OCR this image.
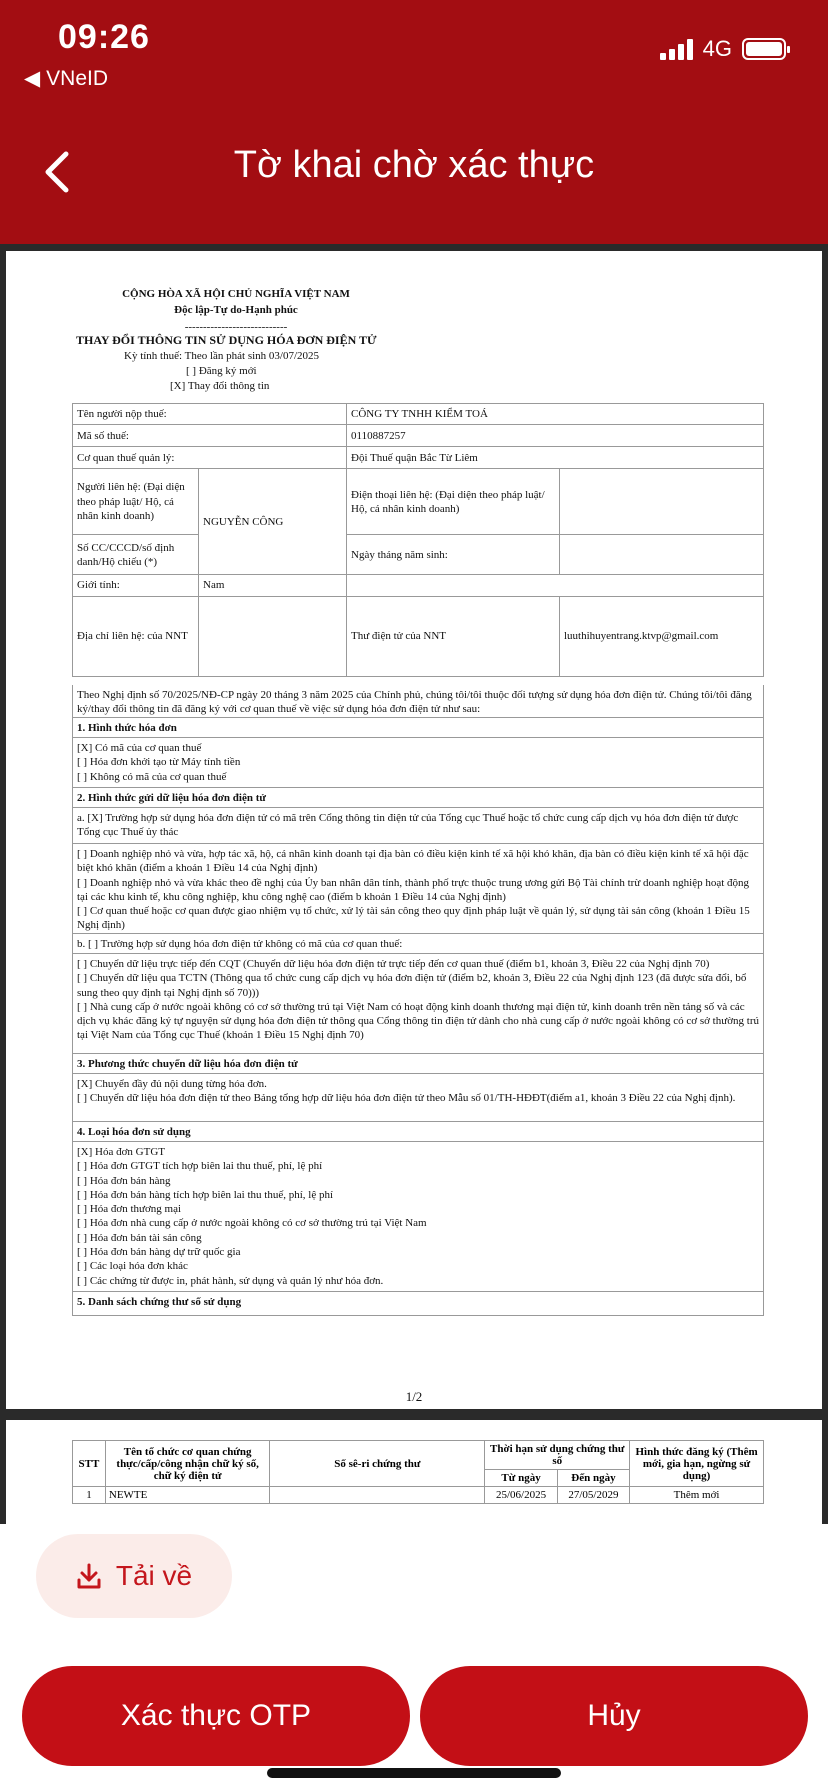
09:26
◀ VNeID
4G
Tờ khai chờ xác thực
CỘNG HÒA XÃ HỘI CHỦ NGHĨA VIỆT NAM
Độc lập-Tự do-Hạnh phúc
----------------------------
THAY ĐỔI THÔNG TIN SỬ DỤNG HÓA ĐƠN ĐIỆN TỬ
Kỳ tính thuế: Theo lần phát sinh 03/07/2025
[ ] Đăng ký mới
[X] Thay đổi thông tin
Tên người nộp thuế:		CÔNG TY TNHH KIỂM TOÁ	
Mã số thuế:		0110887257	
Cơ quan thuế quản lý:		Đội Thuế quận Bắc Từ Liêm	
Người liên hệ: (Đại diện theo pháp luật/ Hộ, cá nhân kinh doanh)	NGUYỄN CÔNG	Điện thoại liên hệ: (Đại diện theo pháp luật/ Hộ, cá nhân kinh doanh)	
Số CC/CCCD/số định danh/Hộ chiếu (*)		Ngày tháng năm sinh:	
Giới tính:	Nam		
Địa chỉ liên hệ: của NNT		Thư điện tử của NNT	luuthihuyentrang.ktvp@gmail.com
Theo Nghị định số 70/2025/NĐ-CP ngày 20 tháng 3 năm 2025 của Chính phủ, chúng tôi/tôi thuộc đối tượng sử dụng hóa đơn điện tử. Chúng tôi/tôi đăng ký/thay đổi thông tin đã đăng ký với cơ quan thuế về việc sử dụng hóa đơn điện tử như sau:
1. Hình thức hóa đơn
[X] Có mã của cơ quan thuế
[ ] Hóa đơn khởi tạo từ Máy tính tiền
[ ] Không có mã của cơ quan thuế
2. Hình thức gửi dữ liệu hóa đơn điện tử
a. [X] Trường hợp sử dụng hóa đơn điện tử có mã trên Cổng thông tin điện tử của Tổng cục Thuế hoặc tổ chức cung cấp dịch vụ hóa đơn điện tử được Tổng cục Thuế ủy thác
[ ] Doanh nghiệp nhỏ và vừa, hợp tác xã, hộ, cá nhân kinh doanh tại địa bàn có điều kiện kinh tế xã hội khó khăn, địa bàn có điều kiện kinh tế xã hội đặc biệt khó khăn (điểm a khoản 1 Điều 14 của Nghị định)
[ ] Doanh nghiệp nhỏ và vừa khác theo đề nghị của Ủy ban nhân dân tỉnh, thành phố trực thuộc trung ương gửi Bộ Tài chính trừ doanh nghiệp hoạt động tại các khu kinh tế, khu công nghiệp, khu công nghệ cao (điểm b khoản 1 Điều 14 của Nghị định)
[ ] Cơ quan thuế hoặc cơ quan được giao nhiệm vụ tổ chức, xử lý tài sản công theo quy định pháp luật về quản lý, sử dụng tài sản công (khoản 1 Điều 15 Nghị định)
b. [ ] Trường hợp sử dụng hóa đơn điện tử không có mã của cơ quan thuế:
[ ] Chuyển dữ liệu trực tiếp đến CQT (Chuyển dữ liệu hóa đơn điện tử trực tiếp đến cơ quan thuế (điểm b1, khoản 3, Điều 22 của Nghị định 70)
[ ] Chuyển dữ liệu qua TCTN (Thông qua tổ chức cung cấp dịch vụ hóa đơn điện tử (điểm b2, khoản 3, Điều 22 của Nghị định 123 (đã được sửa đổi, bổ sung theo quy định tại Nghị định số 70)))
[ ] Nhà cung cấp ở nước ngoài không có cơ sở thường trú tại Việt Nam có hoạt động kinh doanh thương mại điện tử, kinh doanh trên nền tảng số và các dịch vụ khác đăng ký tự nguyện sử dụng hóa đơn điện tử thông qua Cổng thông tin điện tử dành cho nhà cung cấp ở nước ngoài không có cơ sở thường trú tại Việt Nam của Tổng cục Thuế (khoản 1 Điều 15 Nghị định 70)
3. Phương thức chuyển dữ liệu hóa đơn điện tử
[X] Chuyển đầy đủ nội dung từng hóa đơn.
[ ] Chuyển dữ liệu hóa đơn điện tử theo Bảng tổng hợp dữ liệu hóa đơn điện tử theo Mẫu số 01/TH-HĐĐT(điểm a1, khoản 3 Điều 22 của Nghị định).
4. Loại hóa đơn sử dụng
[X] Hóa đơn GTGT
[ ] Hóa đơn GTGT tích hợp biên lai thu thuế, phí, lệ phí
[ ] Hóa đơn bán hàng
[ ] Hóa đơn bán hàng tích hợp biên lai thu thuế, phí, lệ phí
[ ] Hóa đơn thương mại
[ ] Hóa đơn nhà cung cấp ở nước ngoài không có cơ sở thường trú tại Việt Nam
[ ] Hóa đơn bán tài sản công
[ ] Hóa đơn bán hàng dự trữ quốc gia
[ ] Các loại hóa đơn khác
[ ] Các chứng từ được in, phát hành, sử dụng và quản lý như hóa đơn.
5. Danh sách chứng thư số sử dụng
1/2
STT	Tên tổ chức cơ quan chứng thực/cấp/công nhận chữ ký số, chữ ký điện tử	Số sê-ri chứng thư	Thời hạn sử dụng chứng thư số		Hình thức đăng ký (Thêm mới, gia hạn, ngừng sử dụng)
			Từ ngày	Đến ngày	
1	NEWTE		25/06/2025	27/05/2029	Thêm mới
Tải về
Xác thực OTP	Hủy
